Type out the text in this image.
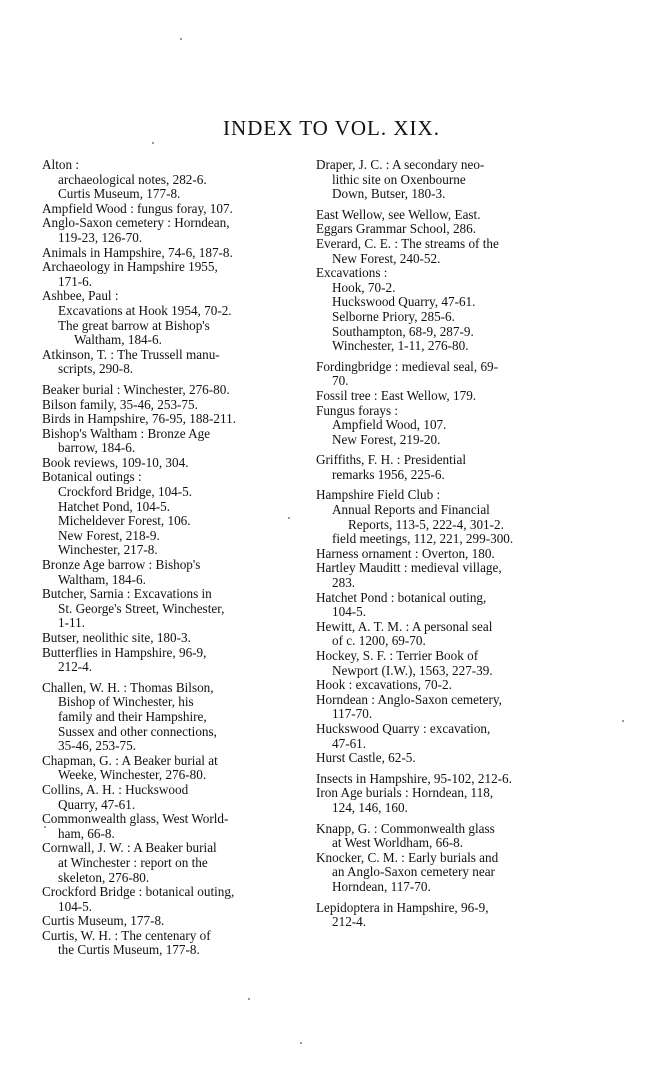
INDEX TO VOL. XIX.
Alton :
archaeological notes, 282-6.
Curtis Museum, 177-8.
Ampfield Wood : fungus foray, 107.
Anglo-Saxon cemetery : Horndean,
119-23, 126-70.
Animals in Hampshire, 74-6, 187-8.
Archaeology in Hampshire 1955,
171-6.
Ashbee, Paul :
Excavations at Hook 1954, 70-2.
The great barrow at Bishop's
Waltham, 184-6.
Atkinson, T. : The Trussell manu-
scripts, 290-8.
Beaker burial : Winchester, 276-80.
Bilson family, 35-46, 253-75.
Birds in Hampshire, 76-95, 188-211.
Bishop's Waltham : Bronze Age
barrow, 184-6.
Book reviews, 109-10, 304.
Botanical outings :
Crockford Bridge, 104-5.
Hatchet Pond, 104-5.
Micheldever Forest, 106.
New Forest, 218-9.
Winchester, 217-8.
Bronze Age barrow : Bishop's
Waltham, 184-6.
Butcher, Sarnia : Excavations in
St. George's Street, Winchester,
1-11.
Butser, neolithic site, 180-3.
Butterflies in Hampshire, 96-9,
212-4.
Challen, W. H. : Thomas Bilson,
Bishop of Winchester, his
family and their Hampshire,
Sussex and other connections,
35-46, 253-75.
Chapman, G. : A Beaker burial at
Weeke, Winchester, 276-80.
Collins, A. H. : Huckswood
Quarry, 47-61.
Commonwealth glass, West World-
ham, 66-8.
Cornwall, J. W. : A Beaker burial
at Winchester : report on the
skeleton, 276-80.
Crockford Bridge : botanical outing,
104-5.
Curtis Museum, 177-8.
Curtis, W. H. : The centenary of
the Curtis Museum, 177-8.
Draper, J. C. : A secondary neo-
lithic site on Oxenbourne
Down, Butser, 180-3.
East Wellow, see Wellow, East.
Eggars Grammar School, 286.
Everard, C. E. : The streams of the
New Forest, 240-52.
Excavations :
Hook, 70-2.
Huckswood Quarry, 47-61.
Selborne Priory, 285-6.
Southampton, 68-9, 287-9.
Winchester, 1-11, 276-80.
Fordingbridge : medieval seal, 69-
70.
Fossil tree : East Wellow, 179.
Fungus forays :
Ampfield Wood, 107.
New Forest, 219-20.
Griffiths, F. H. : Presidential
remarks 1956, 225-6.
Hampshire Field Club :
Annual Reports and Financial
Reports, 113-5, 222-4, 301-2.
field meetings, 112, 221, 299-300.
Harness ornament : Overton, 180.
Hartley Mauditt : medieval village,
283.
Hatchet Pond : botanical outing,
104-5.
Hewitt, A. T. M. : A personal seal
of c. 1200, 69-70.
Hockey, S. F. : Terrier Book of
Newport (I.W.), 1563, 227-39.
Hook : excavations, 70-2.
Horndean : Anglo-Saxon cemetery,
117-70.
Huckswood Quarry : excavation,
47-61.
Hurst Castle, 62-5.
Insects in Hampshire, 95-102, 212-6.
Iron Age burials : Horndean, 118,
124, 146, 160.
Knapp, G. : Commonwealth glass
at West Worldham, 66-8.
Knocker, C. M. : Early burials and
an Anglo-Saxon cemetery near
Horndean, 117-70.
Lepidoptera in Hampshire, 96-9,
212-4.
